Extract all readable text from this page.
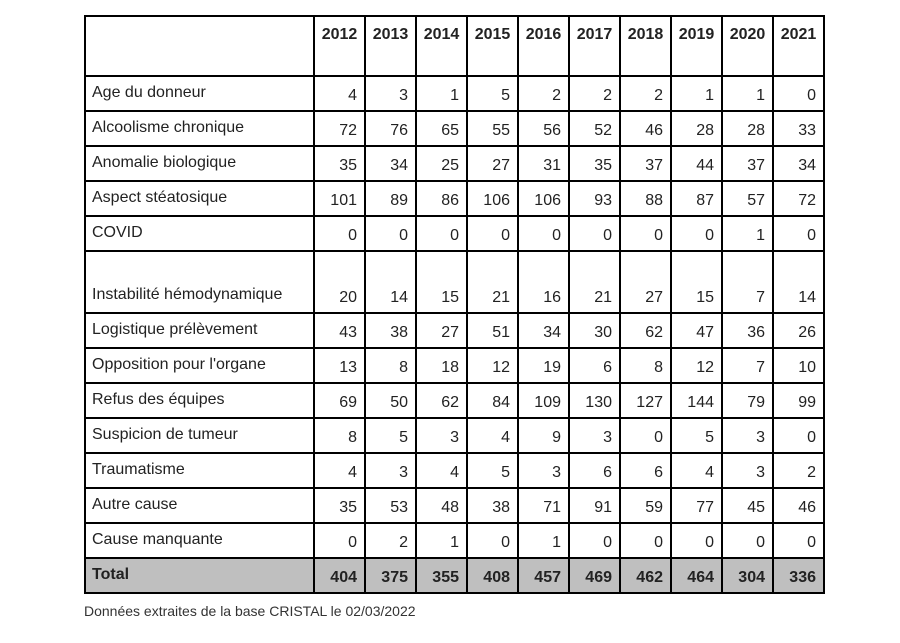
	2012	2013	2014	2015	2016	2017	2018	2019	2020	2021
Age du donneur	4	3	1	5	2	2	2	1	1	0
Alcoolisme chronique	72	76	65	55	56	52	46	28	28	33
Anomalie biologique	35	34	25	27	31	35	37	44	37	34
Aspect stéatosique	101	89	86	106	106	93	88	87	57	72
COVID	0	0	0	0	0	0	0	0	1	0
Instabilité hémodynamique	20	14	15	21	16	21	27	15	7	14
Logistique prélèvement	43	38	27	51	34	30	62	47	36	26
Opposition pour l'organe	13	8	18	12	19	6	8	12	7	10
Refus des équipes	69	50	62	84	109	130	127	144	79	99
Suspicion de tumeur	8	5	3	4	9	3	0	5	3	0
Traumatisme	4	3	4	5	3	6	6	4	3	2
Autre cause	35	53	48	38	71	91	59	77	45	46
Cause manquante	0	2	1	0	1	0	0	0	0	0
Total	404	375	355	408	457	469	462	464	304	336
Données extraites de la base CRISTAL le 02/03/2022
